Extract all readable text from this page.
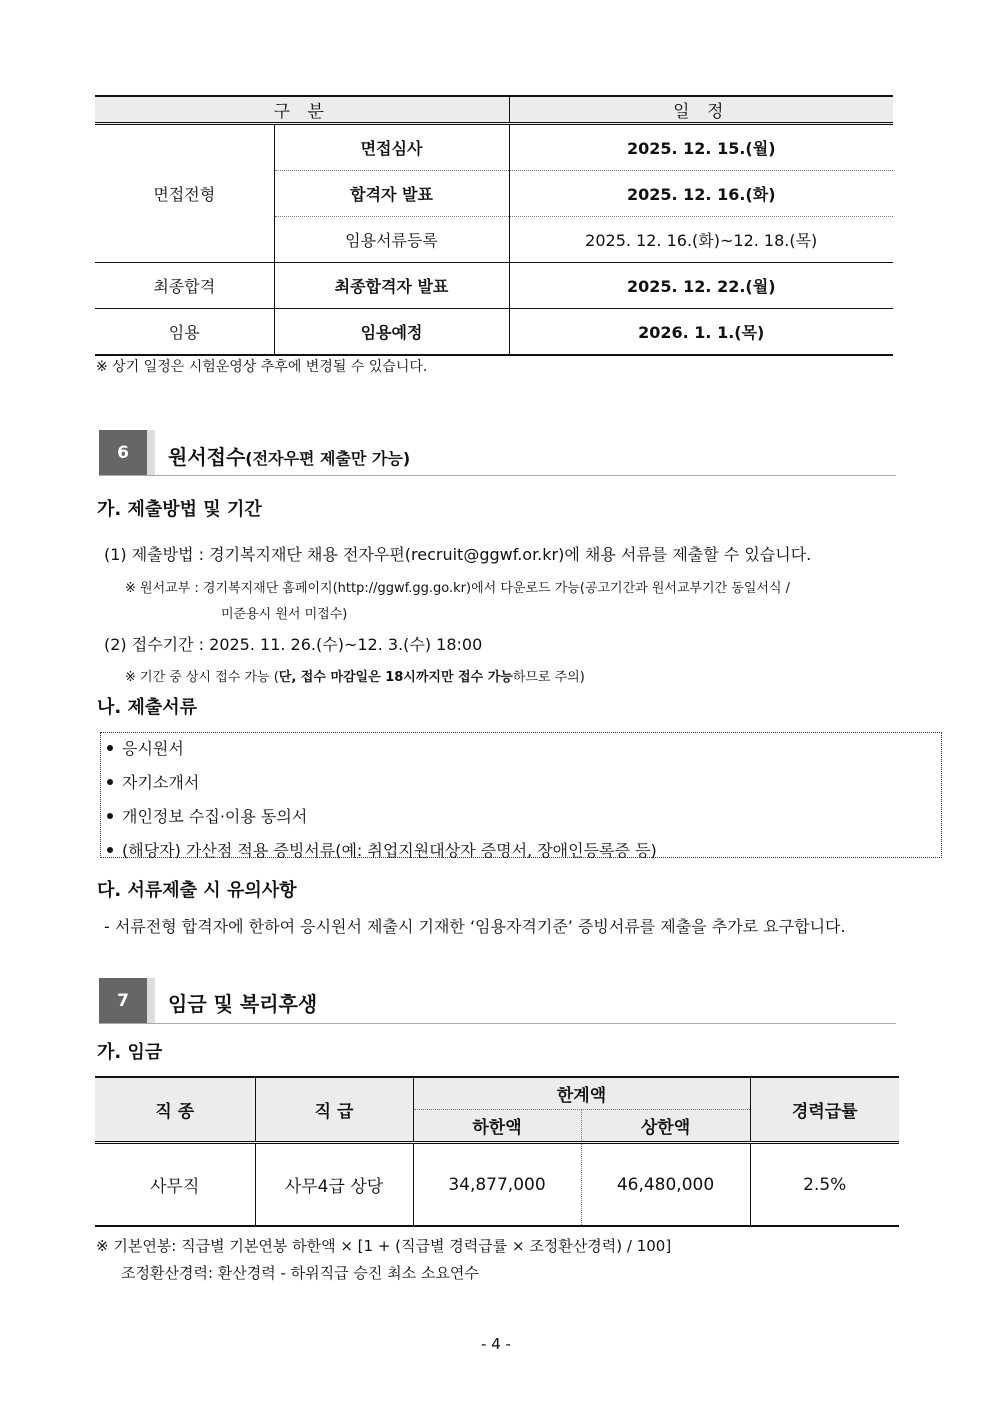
구 분		일 정
면접전형	면접심사	2025. 12. 15.(월)
	합격자 발표	2025. 12. 16.(화)
	임용서류등록	2025. 12. 16.(화)~12. 18.(목)
최종합격	최종합격자 발표	2025. 12. 22.(월)
임용	임용예정	2026. 1. 1.(목)
※ 상기 일정은 시험운영상 추후에 변경될 수 있습니다.
6	원서접수(전자우편 제출만 가능)
가. 제출방법 및 기간
(1) 제출방법 : 경기복지재단 채용 전자우편(recruit@ggwf.or.kr)에 채용 서류를 제출할 수 있습니다.
※ 원서교부 : 경기복지재단 홈페이지(http://ggwf.gg.go.kr)에서 다운로드 가능(공고기간과 원서교부기간 동일서식 /
미준용시 원서 미접수)
(2) 접수기간 : 2025. 11. 26.(수)~12. 3.(수) 18:00
※ 기간 중 상시 접수 가능 (단, 접수 마감일은 18시까지만 접수 가능하므로 주의)
나. 제출서류
응시원서
자기소개서
개인정보 수집·이용 동의서
(해당자) 가산점 적용 증빙서류(예: 취업지원대상자 증명서, 장애인등록증 등)
다. 서류제출 시 유의사항
- 서류전형 합격자에 한하여 응시원서 제출시 기재한 ‘임용자격기준’ 증빙서류를 제출을 추가로 요구합니다.
7	임금 및 복리후생
가. 임금
직 종	직 급	한계액		경력급률
		하한액	상한액	
사무직	사무4급 상당	34,877,000	46,480,000	2.5%
※ 기본연봉: 직급별 기본연봉 하한액 × [1 + (직급별 경력급률 × 조정환산경력) / 100]
조정환산경력: 환산경력 - 하위직급 승진 최소 소요연수
- 4 -
